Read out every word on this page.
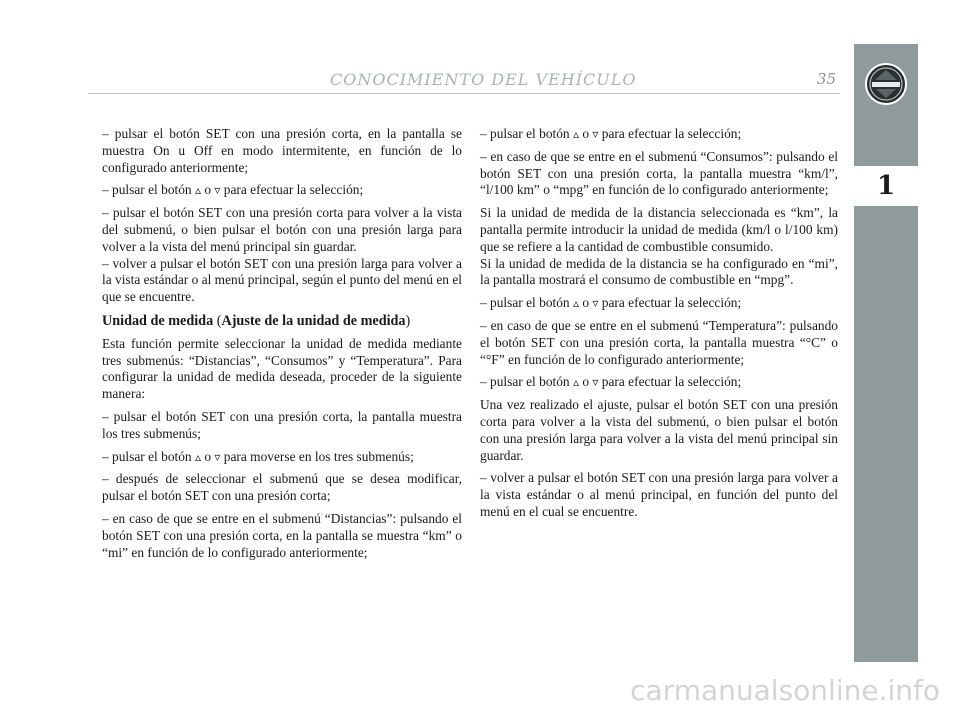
CONOCIMIENTO DEL VEHÍCULO	35
1

– pulsar el botón SET con una presión corta, en la pantalla se muestra On u Off en modo intermitente, en función de lo configurado anteriormente;

– pulsar el botón ▵ o ▿ para efectuar la selección;

– pulsar el botón SET con una presión corta para volver a la vista del submenú, o bien pulsar el botón con una presión larga para volver a la vista del menú principal sin guardar.

– volver a pulsar el botón SET con una presión larga para volver a la vista estándar o al menú principal, según el punto del menú en el que se encuentre.

Unidad de medida (Ajuste de la unidad de medida)

Esta función permite seleccionar la unidad de medida mediante tres submenús: “Distancias”, “Consumos” y “Temperatura”. Para configurar la unidad de medida deseada, proceder de la siguiente manera:

– pulsar el botón SET con una presión corta, la pantalla muestra los tres submenús;

– pulsar el botón ▵ o ▿ para moverse en los tres submenús;

– después de seleccionar el submenú que se desea modificar, pulsar el botón SET con una presión corta;

– en caso de que se entre en el submenú “Distancias”: pulsando el botón SET con una presión corta, en la pantalla se muestra “km” o “mi” en función de lo configurado anteriormente;

– pulsar el botón ▵ o ▿ para efectuar la selección;

– en caso de que se entre en el submenú “Consumos”: pulsando el botón SET con una presión corta, la pantalla muestra “km/l”, “l/100 km” o “mpg” en función de lo configurado anteriormente;

Si la unidad de medida de la distancia seleccionada es “km”, la pantalla permite introducir la unidad de medida (km/l o l/100 km) que se refiere a la cantidad de combustible consumido.

Si la unidad de medida de la distancia se ha configurado en “mi”, la pantalla mostrará el consumo de combustible en “mpg”.

– pulsar el botón ▵ o ▿ para efectuar la selección;

– en caso de que se entre en el submenú “Temperatura”: pulsando el botón SET con una presión corta, la pantalla muestra “°C” o “°F” en función de lo configurado anteriormente;

– pulsar el botón ▵ o ▿ para efectuar la selección;

Una vez realizado el ajuste, pulsar el botón SET con una presión corta para volver a la vista del submenú, o bien pulsar el botón con una presión larga para volver a la vista del menú principal sin guardar.

– volver a pulsar el botón SET con una presión larga para volver a la vista estándar o al menú principal, en función del punto del menú en el cual se encuentre.

carmanualsonline.info
